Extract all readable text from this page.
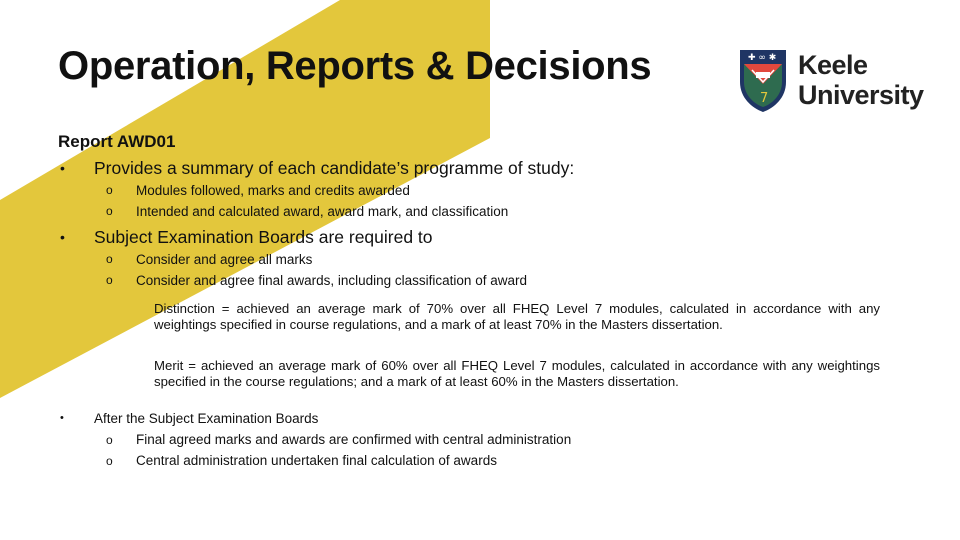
Operation, Reports & Decisions	✚ ∞ ✱
7
Keele
University
Report AWD01
• Provides a summary of each candidate’s programme of study:
o Modules followed, marks and credits awarded
o Intended and calculated award, award mark, and classification
• Subject Examination Boards are required to
o Consider and agree all marks
o Consider and agree final awards, including classification of award
Distinction = achieved an average mark of 70% over all FHEQ Level 7 modules, calculated in accordance with any weightings specified in course regulations, and a mark of at least 70% in the Masters dissertation.
Merit = achieved an average mark of 60% over all FHEQ Level 7 modules, calculated in accordance with any weightings specified in the course regulations; and a mark of at least 60% in the Masters dissertation.
• After the Subject Examination Boards
o Final agreed marks and awards are confirmed with central administration
o Central administration undertaken final calculation of awards
